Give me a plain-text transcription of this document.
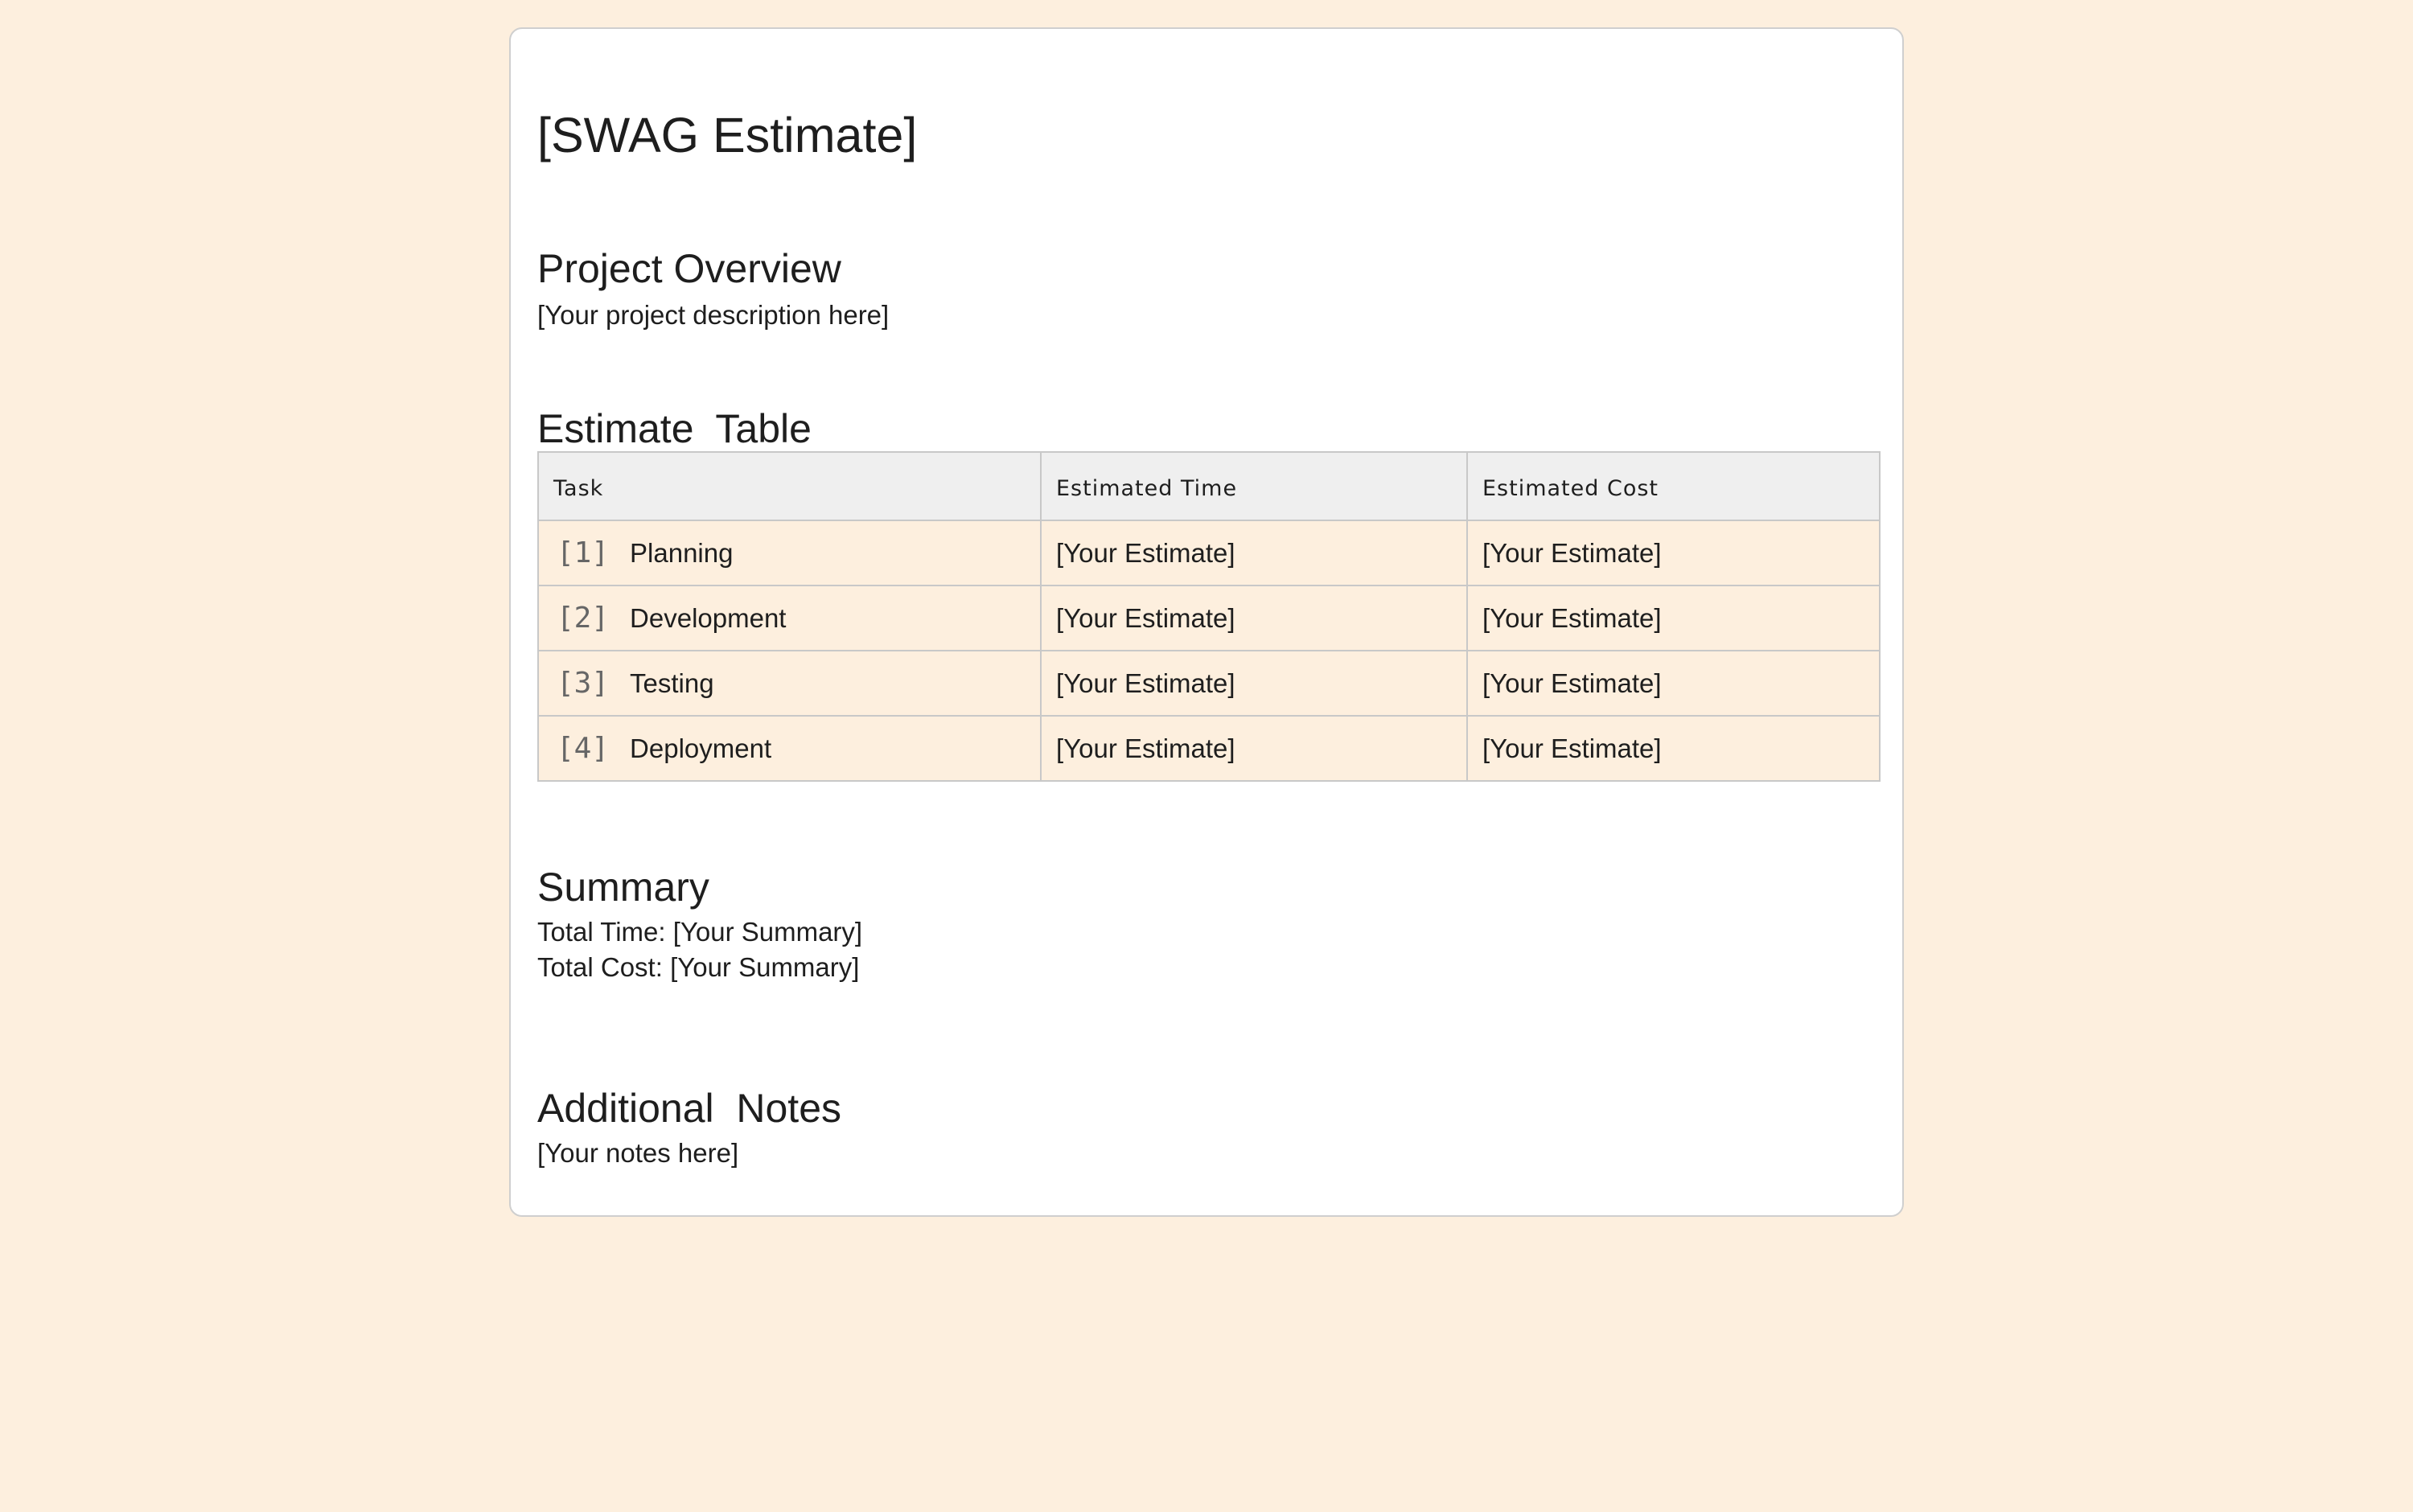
[SWAG Estimate]
Project Overview

[Your project description here]

Estimate  Table
Task	Estimated Time	Estimated Cost
[1] Planning	[Your Estimate]	[Your Estimate]
[2] Development	[Your Estimate]	[Your Estimate]
[3] Testing	[Your Estimate]	[Your Estimate]
[4] Deployment	[Your Estimate]	[Your Estimate]
Summary

Total Time: [Your Summary]

Total Cost: [Your Summary]

Additional  Notes

[Your notes here]
